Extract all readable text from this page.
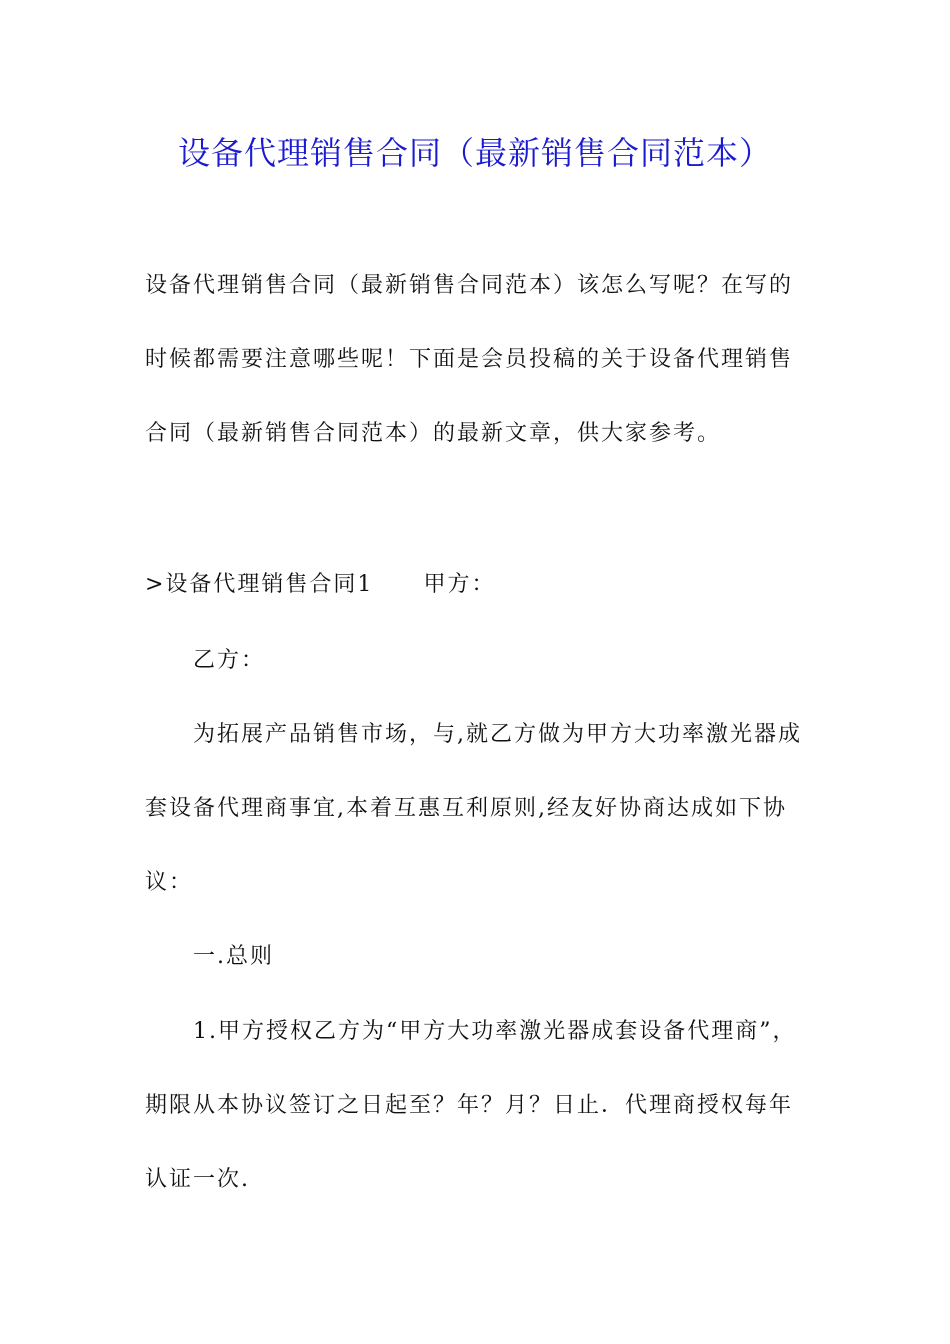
设备代理销售合同（最新销售合同范本）
设备代理销售合同（最新销售合同范本）该怎么写呢？在写的
时候都需要注意哪些呢！下面是会员投稿的关于设备代理销售
合同（最新销售合同范本）的最新文章，供大家参考。
>设备代理销售合同1 甲方：
乙方：
为拓展产品销售市场，与,就乙方做为甲方大功率激光器成
套设备代理商事宜,本着互惠互利原则,经友好协商达成如下协
议：
一.总则
1.甲方授权乙方为“甲方大功率激光器成套设备代理商”，
期限从本协议签订之日起至？年？月？日止．代理商授权每年
认证一次.
